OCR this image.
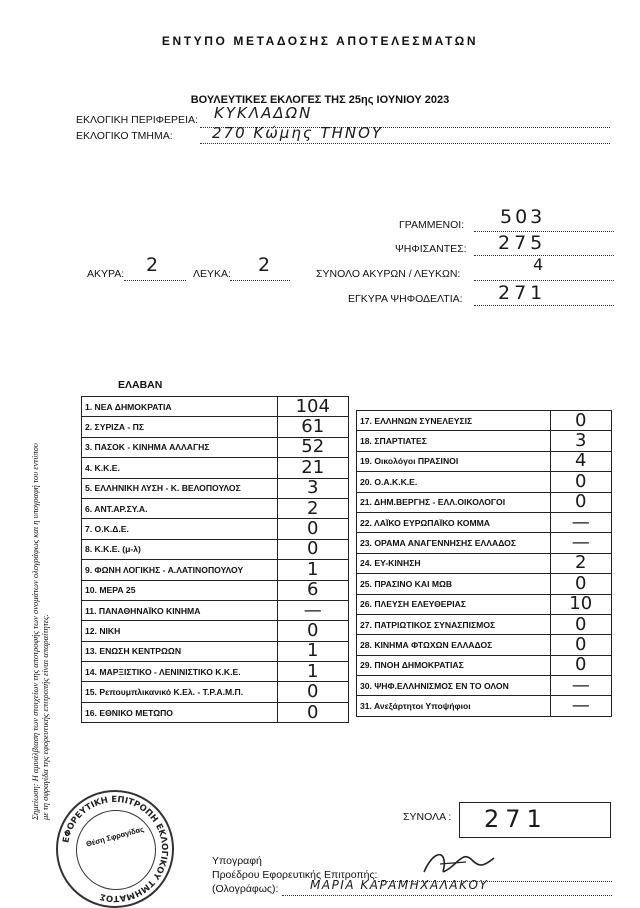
ΕΝΤΥΠΟ ΜΕΤΑΔΟΣΗΣ ΑΠΟΤΕΛΕΣΜΑΤΩΝ
ΒΟΥΛΕΥΤΙΚΕΣ ΕΚΛΟΓΕΣ ΤΗΣ 25ης ΙΟΥΝΙΟΥ 2023
ΕΚΛΟΓΙΚΗ ΠΕΡΙΦΕΡΕΙΑ: ΚΥΚΛΑΔΩΝ
ΕΚΛΟΓΙΚΟ ΤΜΗΜΑ:	270 Κώμης ΤΗΝΟΥ
ΓΡΑΜΜΕΝΟΙ: 503
ΨΗΦΙΣΑΝΤΕΣ: 275
ΑΚΥΡΑ: 2	ΛΕΥΚΑ: 2	ΣΥΝΟΛΟ ΑΚΥΡΩΝ / ΛΕΥΚΩΝ:	4
ΕΓΚΥΡΑ ΨΗΦΟΔΕΛΤΙΑ: 271
ΕΛΑΒΑΝ
1. ΝΕΑ ΔΗΜΟΚΡΑΤΙΑ	104
2. ΣΥΡΙΖΑ - ΠΣ	61
3. ΠΑΣΟΚ - ΚΙΝΗΜΑ ΑΛΛΑΓΗΣ	52
4. Κ.Κ.Ε.	21
5. ΕΛΛΗΝΙΚΗ ΛΥΣΗ - Κ. ΒΕΛΟΠΟΥΛΟΣ	3
6. ΑΝΤ.ΑΡ.ΣΥ.Α.	2
7. Ο.Κ.Δ.Ε.	0
8. Κ.Κ.Ε. (μ-λ)	0
9. ΦΩΝΗ ΛΟΓΙΚΗΣ - Α.ΛΑΤΙΝΟΠΟΥΛΟΥ	1
10. ΜΕΡΑ 25	6
11. ΠΑΝΑΘΗΝΑΪΚΟ ΚΙΝΗΜΑ	—
12. ΝΙΚΗ	0
13. ΕΝΩΣΗ ΚΕΝΤΡΩΩΝ	1
14. ΜΑΡΞΙΣΤΙΚΟ - ΛΕΝΙΝΙΣΤΙΚΟ Κ.Κ.Ε.	1
15. Ρεπουμπλικανικό Κ.Ελ. - Τ.Ρ.Α.Μ.Π.	0
16. ΕΘΝΙΚΟ ΜΕΤΩΠΟ	0
17. ΕΛΛΗΝΩΝ ΣΥΝΕΛΕΥΣΙΣ	0
18. ΣΠΑΡΤΙΑΤΕΣ	3
19. Οικολόγοι ΠΡΑΣΙΝΟΙ	4
20. Ο.Α.Κ.Κ.Ε.	0
21. ΔΗΜ.ΒΕΡΓΗΣ - ΕΛΛ.ΟΙΚΟΛΟΓΟΙ	0
22. ΛΑΪΚΟ ΕΥΡΩΠΑΪΚΟ ΚΟΜΜΑ	—
23. ΟΡΑΜΑ ΑΝΑΓΕΝΝΗΣΗΣ ΕΛΛΑΔΟΣ	—
24. ΕΥ-ΚΙΝΗΣΗ	2
25. ΠΡΑΣΙΝΟ ΚΑΙ ΜΩΒ	0
26. ΠΛΕΥΣΗ ΕΛΕΥΘΕΡΙΑΣ	10
27. ΠΑΤΡΙΩΤΙΚΟΣ ΣΥΝΑΣΠΙΣΜΟΣ	0
28. ΚΙΝΗΜΑ ΦΤΩΧΩΝ ΕΛΛΑΔΟΣ	0
29. ΠΝΟΗ ΔΗΜΟΚΡΑΤΙΑΣ	0
30. ΨΗΦ.ΕΛΛΗΝΙΣΜΟΣ ΕΝ ΤΟ ΟΛΟΝ	—
31. Ανεξάρτητοι Υποψήφιοι	—
Σημείωση: Η αμυάλβιαση των στοιχείων της αποτροφής των ονομάτων ολογράφως και η υπογραφή του εντύπου με τη σφραγίδα της εφορευτικής επιτροπής είναι απαραίτητες.
Θέση Σφραγίδας
ΕΦΟΡΕΥΤΙΚΗ ΕΠΙΤΡΟΠΗ ΕΚΛΟΓΙΚΟΥ ΤΜΗΜΑΤΟΣ
ΣΥΝΟΛΑ : 271
Υπογραφή
Προέδρου Εφορευτικής Επιτροπής:
(Ολογράφως):	ΜΑΡΙΑ ΚΑΡΑΜΗΧΑΛΑΚΟΥ
